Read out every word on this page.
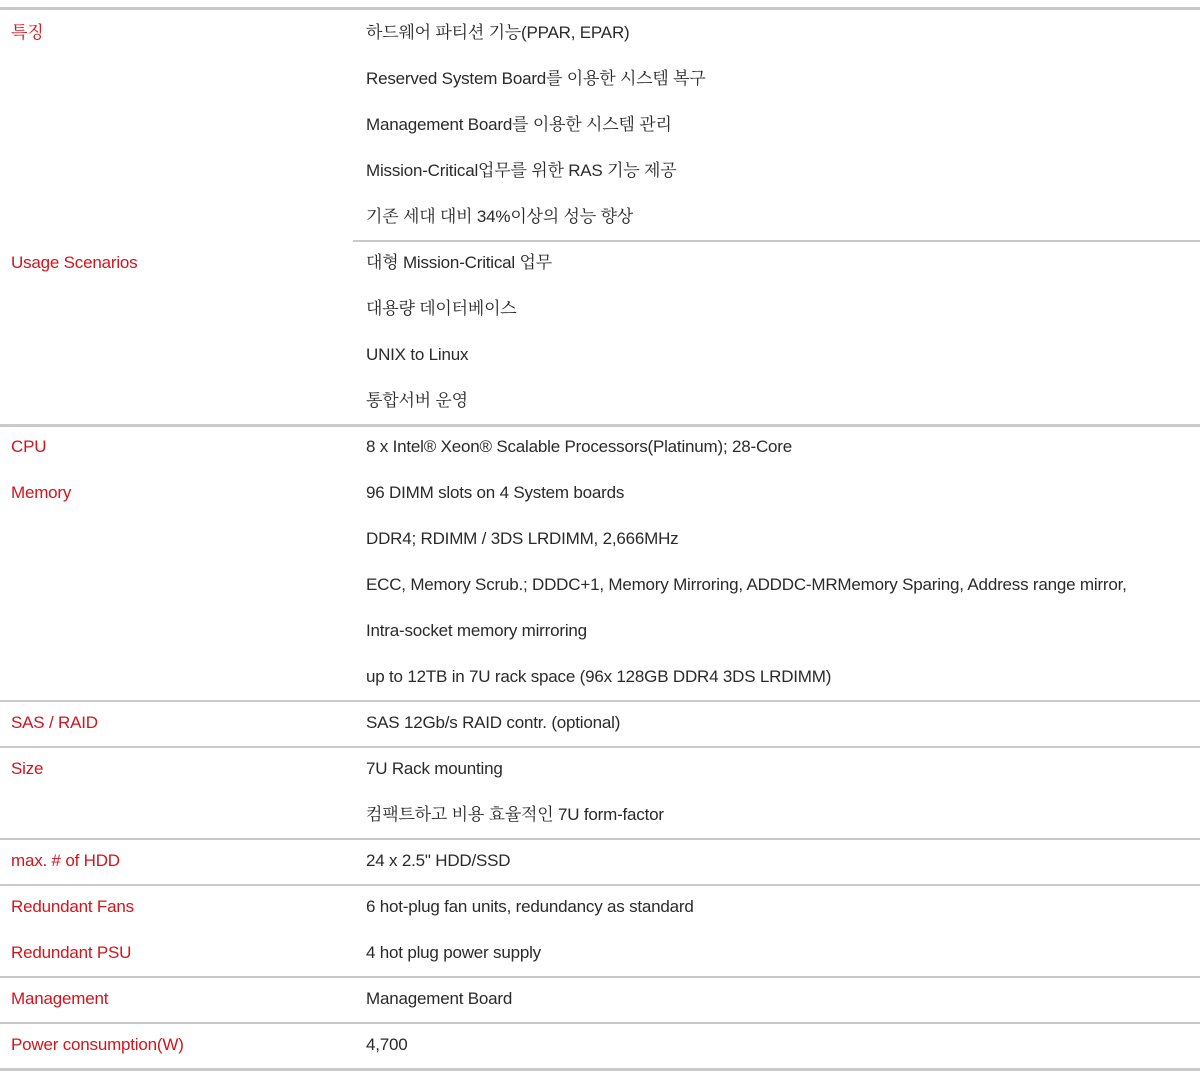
특징	하드웨어 파티션 기능(PPAR, EPAR)
Reserved System Board를 이용한 시스템 복구
Management Board를 이용한 시스템 관리
Mission-Critical업무를 위한 RAS 기능 제공
기존 세대 대비 34%이상의 성능 향상
Usage Scenarios	대형 Mission-Critical 업무
대용량 데이터베이스
UNIX to Linux
통합서버 운영
CPU	8 x Intel® Xeon® Scalable Processors(Platinum); 28-Core
Memory	96 DIMM slots on 4 System boards
DDR4; RDIMM / 3DS LRDIMM, 2,666MHz
ECC, Memory Scrub.; DDDC+1, Memory Mirroring, ADDDC-MRMemory Sparing, Address range mirror,
Intra-socket memory mirroring
up to 12TB in 7U rack space (96x 128GB DDR4 3DS LRDIMM)
SAS / RAID	SAS 12Gb/s RAID contr. (optional)
Size	7U Rack mounting
컴팩트하고 비용 효율적인 7U form-factor
max. # of HDD	24 x 2.5" HDD/SSD
Redundant Fans	6 hot-plug fan units, redundancy as standard
Redundant PSU	4 hot plug power supply
Management	Management Board
Power consumption(W)	4,700
